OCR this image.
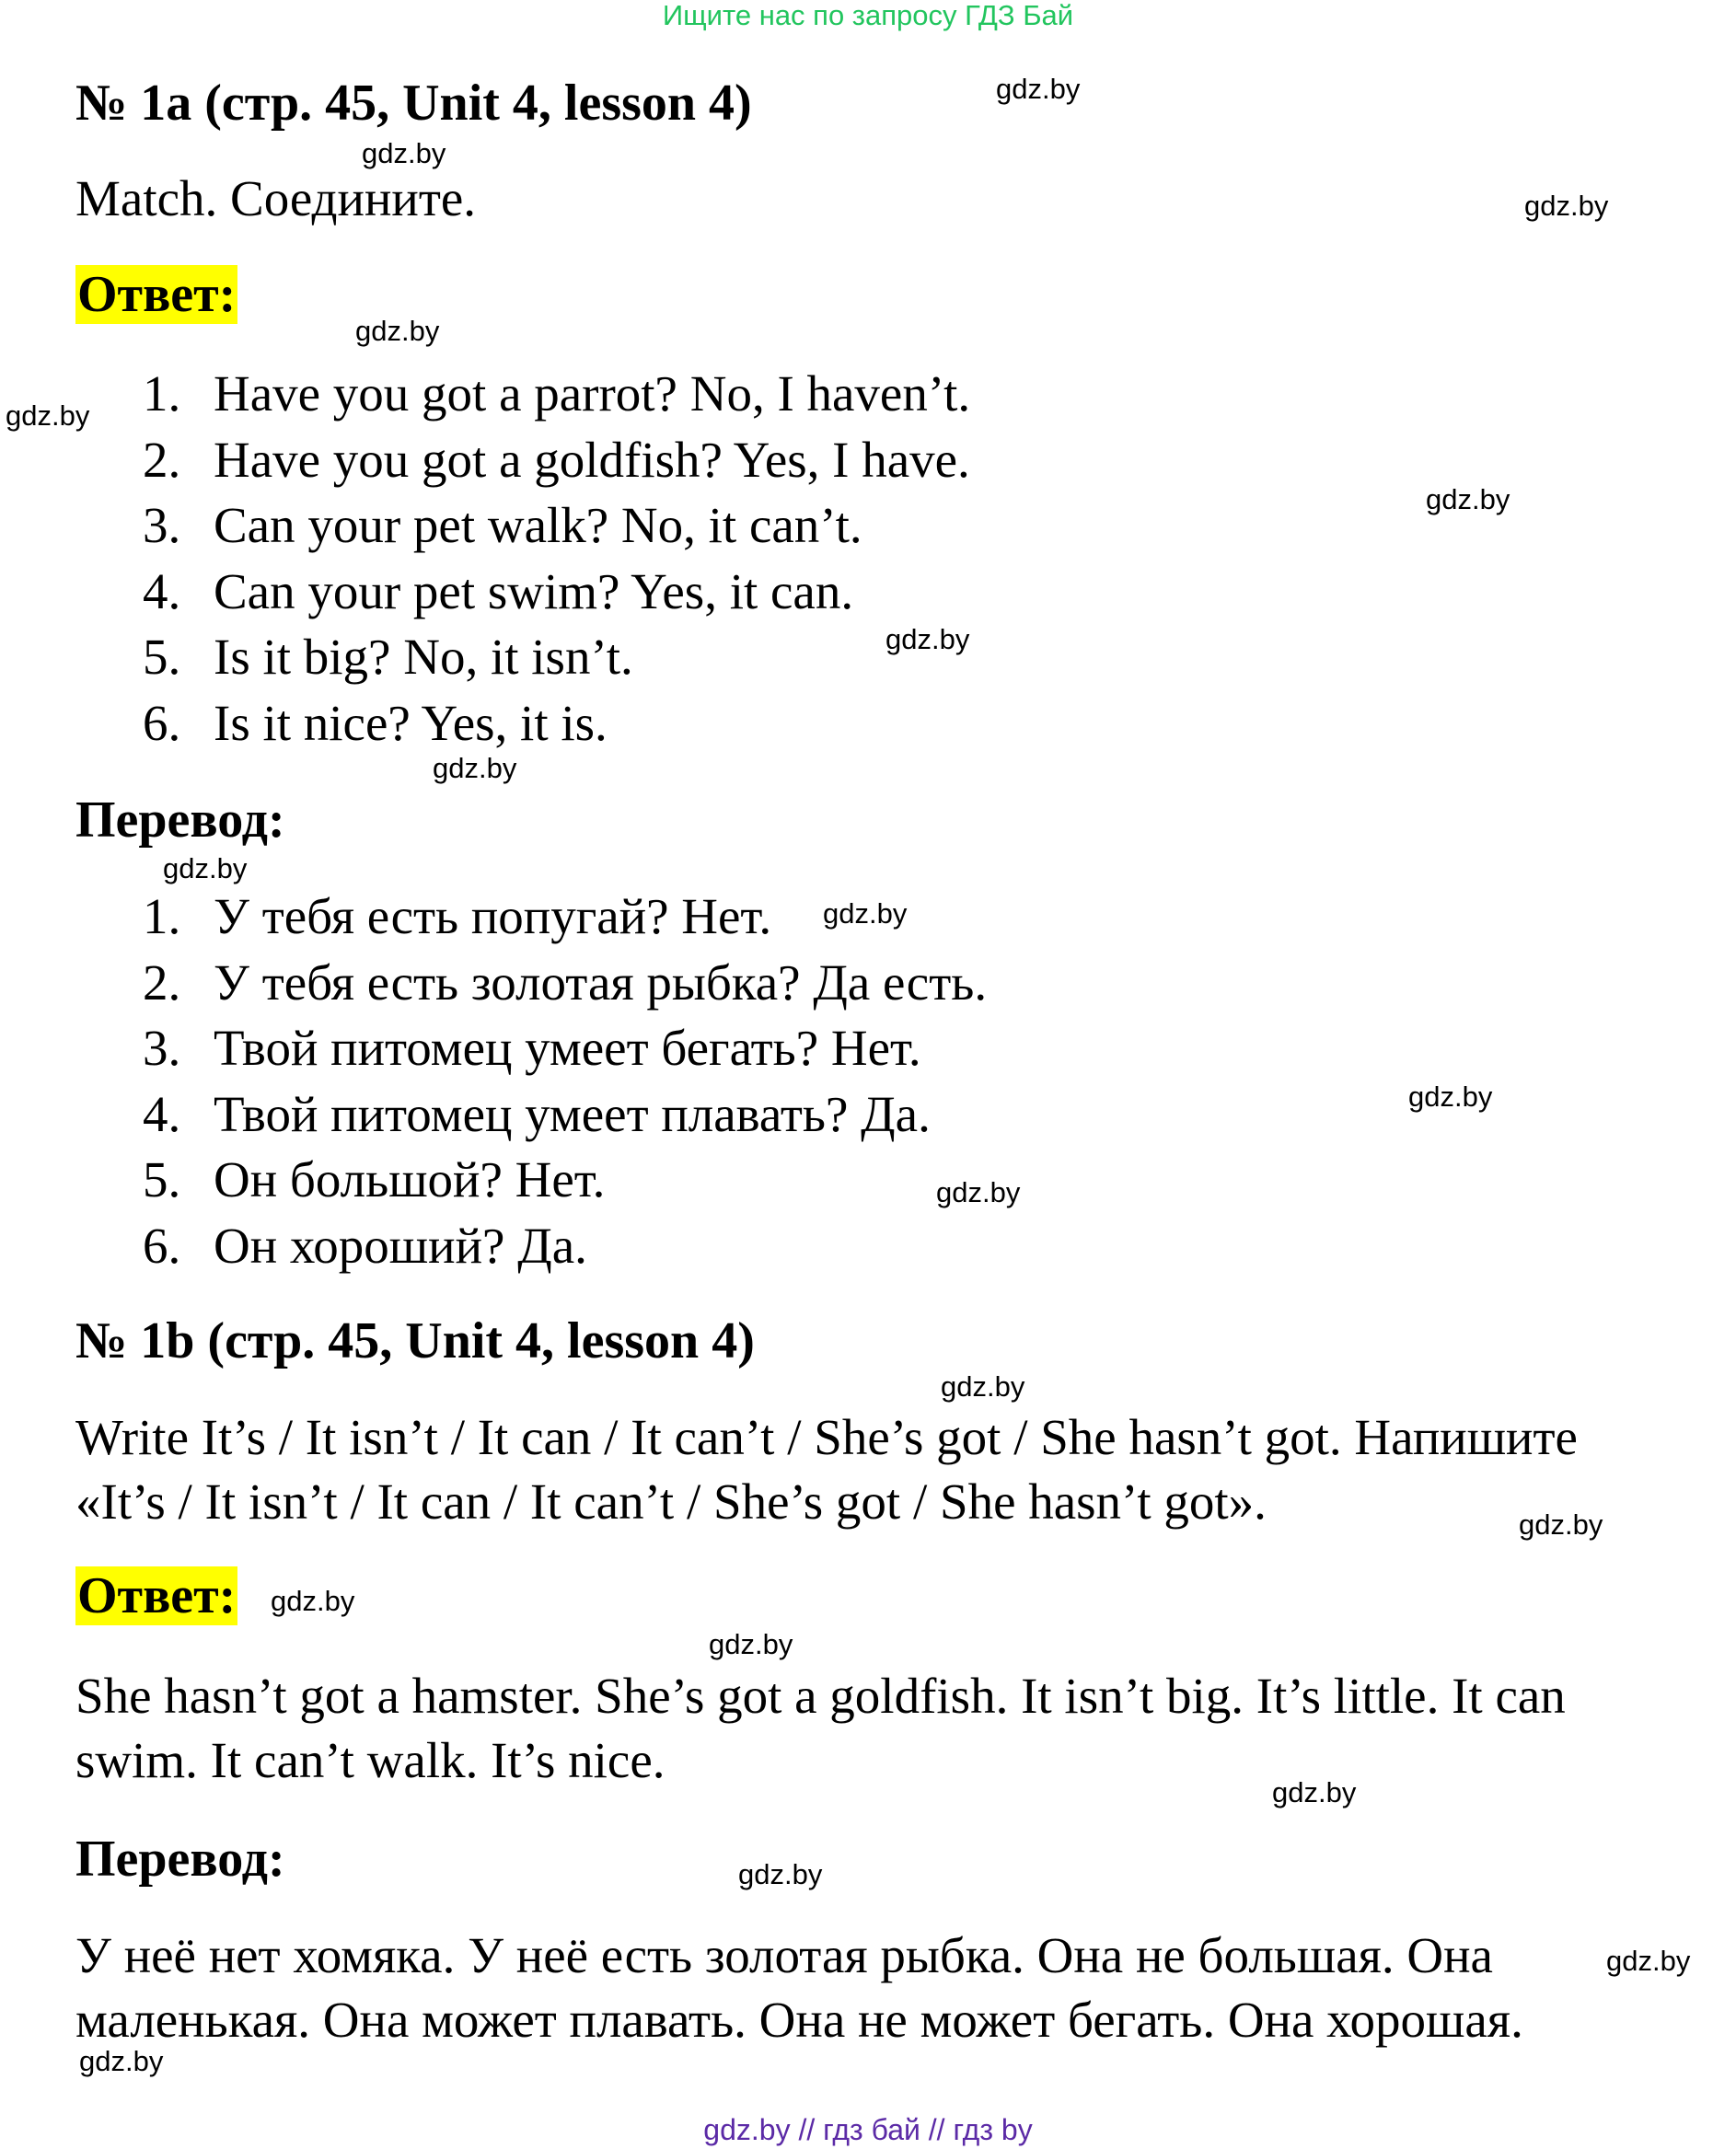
Ищите нас по запросу ГДЗ Бай
№ 1а (стр. 45, Unit 4, lesson 4)
Match. Соедините.
Ответ:
1. Have you got a parrot? No, I haven’t.
2. Have you got a goldfish? Yes, I have.
3. Can your pet walk? No, it can’t.
4. Can your pet swim? Yes, it can.
5. Is it big? No, it isn’t.
6. Is it nice? Yes, it is.
Перевод:
1. У тебя есть попугай? Нет.
2. У тебя есть золотая рыбка? Да есть.
3. Твой питомец умеет бегать? Нет.
4. Твой питомец умеет плавать? Да.
5. Он большой? Нет.
6. Он хороший? Да.
№ 1b (стр. 45, Unit 4, lesson 4)
Write It’s / It isn’t / It can / It can’t / She’s got / She hasn’t got. Напишите
«It’s / It isn’t / It can / It can’t / She’s got / She hasn’t got».
Ответ:
She hasn’t got a hamster. She’s got a goldfish. It isn’t big. It’s little. It can
swim. It can’t walk. It’s nice.
Перевод:
У неё нет хомяка. У неё есть золотая рыбка. Она не большая. Она
маленькая. Она может плавать. Она не может бегать. Она хорошая.
gdz.by
gdz.by
gdz.by
gdz.by
gdz.by
gdz.by
gdz.by
gdz.by
gdz.by
gdz.by
gdz.by
gdz.by
gdz.by
gdz.by
gdz.by
gdz.by
gdz.by
gdz.by
gdz.by
gdz.by
gdz.by // гдз бай // гдз by
